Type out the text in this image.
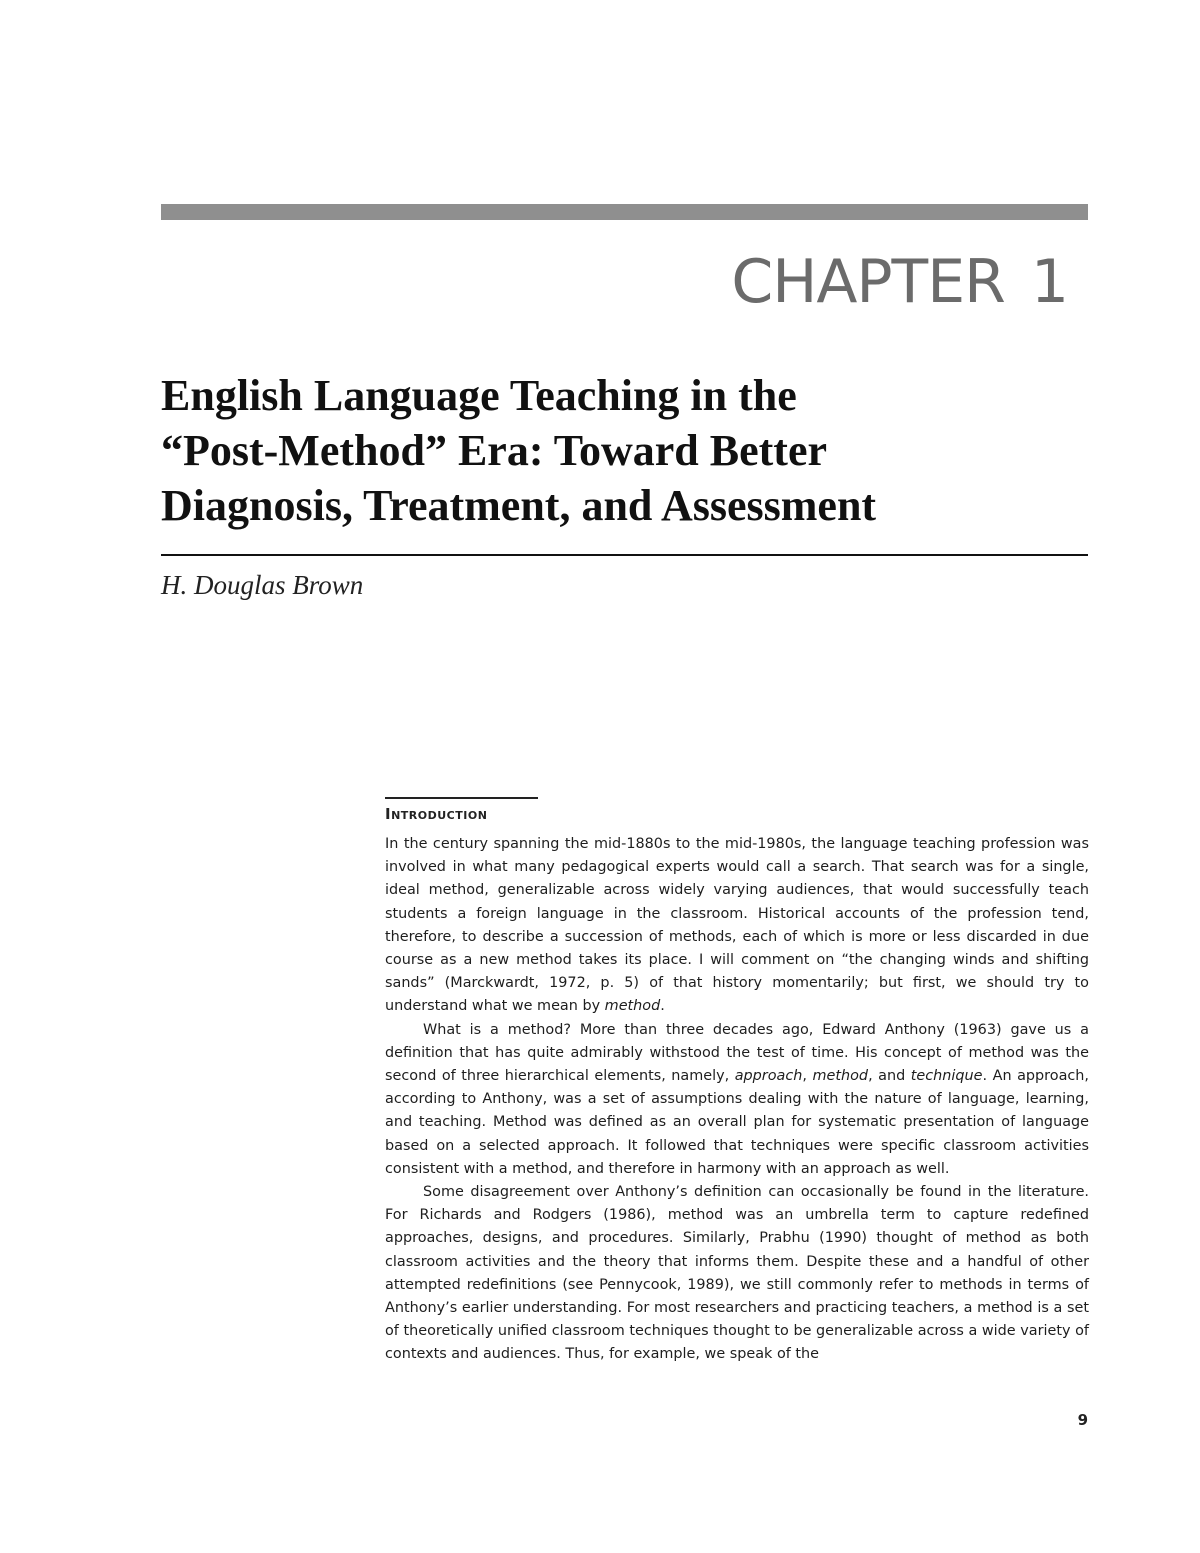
CHAPTER 1
English Language Teaching in the
“Post-Method” Era: Toward Better
Diagnosis, Treatment, and Assessment
H. Douglas Brown
Introduction

In the century spanning the mid-1880s to the mid-1980s, the language teaching profession was involved in what many pedagogical experts would call a search. That search was for a single, ideal method, generalizable across widely varying audiences, that would successfully teach students a foreign language in the classroom. Historical accounts of the profession tend, therefore, to describe a succession of methods, each of which is more or less discarded in due course as a new method takes its place. I will comment on “the changing winds and shifting sands” (Marckwardt, 1972, p. 5) of that history momentarily; but first, we should try to understand what we mean by method.

What is a method? More than three decades ago, Edward Anthony (1963) gave us a definition that has quite admirably withstood the test of time. His concept of method was the second of three hierarchical elements, namely, approach, method, and technique. An approach, according to Anthony, was a set of assumptions dealing with the nature of language, learning, and teaching. Method was defined as an overall plan for systematic presentation of language based on a selected approach. It followed that techniques were specific classroom activities consistent with a method, and therefore in harmony with an approach as well.

Some disagreement over Anthony’s definition can occasionally be found in the literature. For Richards and Rodgers (1986), method was an umbrella term to capture redefined approaches, designs, and procedures. Similarly, Prabhu (1990) thought of method as both classroom activities and the theory that informs them. Despite these and a handful of other attempted redefinitions (see Pennycook, 1989), we still commonly refer to methods in terms of Anthony’s earlier understanding. For most researchers and practicing teachers, a method is a set of theoretically unified classroom techniques thought to be generalizable across a wide variety of contexts and audiences. Thus, for example, we speak of the

9
